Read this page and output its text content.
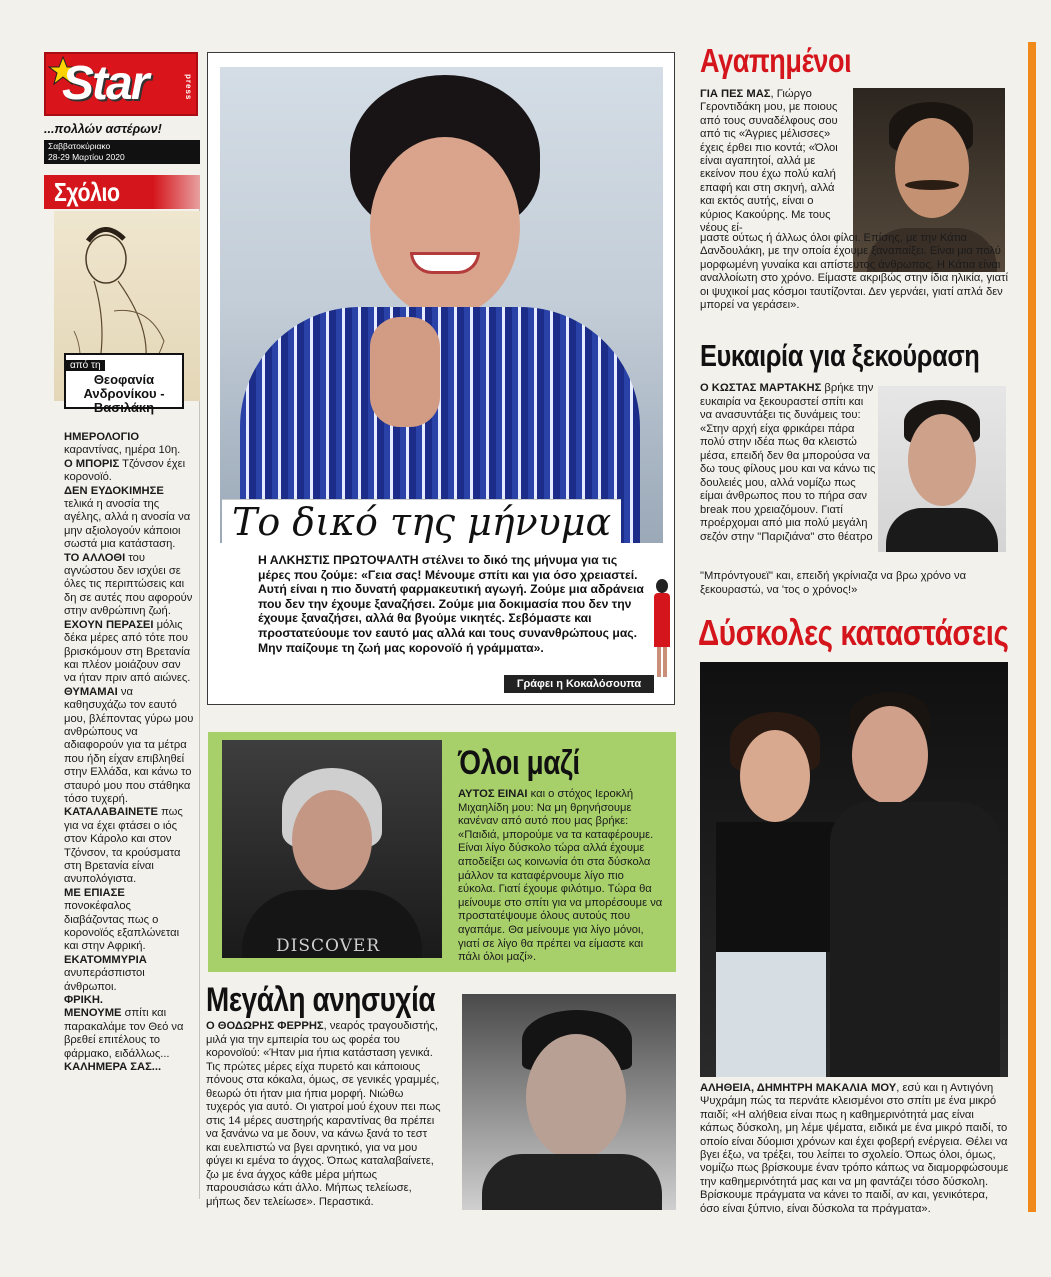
Star	press
...πολλών αστέρων!
Σαββατοκύριακο
28-29 Μαρτίου 2020
Σχόλιο
από τη
Θεοφανία Ανδρονίκου - Βασιλάκη
ΗΜΕΡΟΛΟΓΙΟ καραντίνας, ημέρα 10η.
Ο ΜΠΟΡΙΣ Τζόνσον έχει κορονοϊό.
ΔΕΝ ΕΥΔΟΚΙΜΗΣΕ τελικά η ανοσία της αγέλης, αλλά η ανοσία να μην αξιολογούν κάποιοι σωστά μια κατάσταση.
ΤΟ ΑΛΛΟΘΙ του αγνώστου δεν ισχύει σε όλες τις περιπτώσεις και δη σε αυτές που αφορούν στην ανθρώπινη ζωή.
ΕΧΟΥΝ ΠΕΡΑΣΕΙ μόλις δέκα μέρες από τότε που βρισκόμουν στη Βρετανία και πλέον μοιάζουν σαν να ήταν πριν από αιώνες.
ΘΥΜΑΜΑΙ να καθησυχάζω τον εαυτό μου, βλέποντας γύρω μου ανθρώπους να αδιαφορούν για τα μέτρα που ήδη είχαν επιβληθεί στην Ελλάδα, και κάνω το σταυρό μου που στάθηκα τόσο τυχερή.
ΚΑΤΑΛΑΒΑΙΝΕΤΕ πως για να έχει φτάσει ο ιός στον Κάρολο και στον Τζόνσον, τα κρούσματα στη Βρετανία είναι ανυπολόγιστα.
ΜΕ ΕΠΙΑΣΕ πονοκέφαλος διαβάζοντας πως ο κορονοϊός εξαπλώνεται και στην Αφρική.
ΕΚΑΤΟΜΜΥΡΙΑ ανυπεράσπιστοι άνθρωποι.
ΦΡΙΚΗ.
ΜΕΝΟΥΜΕ σπίτι και παρακαλάμε τον Θεό να βρεθεί επιτέλους το φάρμακο, ειδάλλως...
ΚΑΛΗΜΕΡΑ ΣΑΣ...
Το δικό της μήνυμα
Η ΑΛΚΗΣΤΙΣ ΠΡΩΤΟΨΑΛΤΗ στέλνει το δικό της μήνυμα για τις μέρες που ζούμε: «Γεια σας! Μένουμε σπίτι και για όσο χρειαστεί. Αυτή είναι η πιο δυνατή φαρμακευτική αγωγή. Ζούμε μια αδράνεια που δεν την έχουμε ξαναζήσει. Ζούμε μια δοκιμασία που δεν την έχουμε ξαναζήσει, αλλά θα βγούμε νικητές. Σεβόμαστε και προστατεύουμε τον εαυτό μας αλλά και τους συνανθρώπους μας. Μην παίζουμε τη ζωή μας κορονοϊό ή γράμματα».
Γράφει η Κοκαλόσουπα
DISCOVER
Όλοι μαζί
ΑΥΤΟΣ ΕΙΝΑΙ και ο στόχος Ιεροκλή Μιχαηλίδη μου: Να μη θρηνήσουμε κανέναν από αυτό που μας βρήκε: «Παιδιά, μπορούμε να τα καταφέρουμε. Είναι λίγο δύσκολο τώρα αλλά έχουμε αποδείξει ως κοινωνία ότι στα δύσκολα μάλλον τα καταφέρνουμε λίγο πιο εύκολα. Γιατί έχουμε φιλότιμο. Τώρα θα μείνουμε στο σπίτι για να μπορέσουμε να προστατέψουμε όλους αυτούς που αγαπάμε. Θα μείνουμε για λίγο μόνοι, γιατί σε λίγο θα πρέπει να είμαστε και πάλι όλοι μαζί».
Μεγάλη ανησυχία
Ο ΘΟΔΩΡΗΣ ΦΕΡΡΗΣ, νεαρός τραγουδιστής, μιλά για την εμπειρία του ως φορέα του κορονοϊού: «Ήταν μια ήπια κατάσταση γενικά. Τις πρώτες μέρες είχα πυρετό και κάποιους πόνους στα κόκαλα, όμως, σε γενικές γραμμές, θεωρώ ότι ήταν μια ήπια μορφή. Νιώθω τυχερός για αυτό. Οι γιατροί μού έχουν πει πως στις 14 μέρες αυστηρής καραντίνας θα πρέπει να ξανάνω να με δουν, να κάνω ξανά το τεστ και ευελπιστώ να βγει αρνητικό, για να μου φύγει κι εμένα το άγχος. Όπως καταλαβαίνετε, ζω με ένα άγχος κάθε μέρα μήπως παρουσιάσω κάτι άλλο. Μήπως τελείωσε, μήπως δεν τελείωσε». Περαστικά.
Αγαπημένοι
ΓΙΑ ΠΕΣ ΜΑΣ, Γιώργο Γεροντιδάκη μου, με ποιους από τους συναδέλφους σου από τις «Άγριες μέλισσες» έχεις έρθει πιο κοντά; «Όλοι είναι αγαπητοί, αλλά με εκείνον που έχω πολύ καλή επαφή και στη σκηνή, αλλά και εκτός αυτής, είναι ο κύριος Κακούρης. Με τους νέους εί-
μαστε ούτως ή άλλως όλοι φίλοι. Επίσης, με την Κάτια Δανδουλάκη, με την οποία έχουμε ξαναπαίξει. Είναι μια πολύ μορφωμένη γυναίκα και απίστευτος άνθρωπος. Η Κάτια είναι αναλλοίωτη στο χρόνο. Είμαστε ακριβώς στην ίδια ηλικία, γιατί οι ψυχικοί μας κόσμοι ταυτίζονται. Δεν γερνάει, γιατί απλά δεν μπορεί να γεράσει».
Ευκαιρία για ξεκούραση
Ο ΚΩΣΤΑΣ ΜΑΡΤΑΚΗΣ βρήκε την ευκαιρία να ξεκουραστεί σπίτι και να ανασυντάξει τις δυνάμεις του: «Στην αρχή είχα φρικάρει πάρα πολύ στην ιδέα πως θα κλειστώ μέσα, επειδή δεν θα μπορούσα να δω τους φίλους μου και να κάνω τις δουλειές μου, αλλά νομίζω πως είμαι άνθρωπος που το πήρα σαν break που χρειαζόμουν. Γιατί προέρχομαι από μια πολύ μεγάλη σεζόν στην "Παριζιάνα" στο θέατρο
"Μπρόντγουεϊ" και, επειδή γκρίνιαζα να βρω χρόνο να ξεκουραστώ, να 'τος ο χρόνος!»
Δύσκολες καταστάσεις
ΑΛΗΘΕΙΑ, ΔΗΜΗΤΡΗ ΜΑΚΑΛΙΑ ΜΟΥ, εσύ και η Αντιγόνη Ψυχράμη πώς τα περνάτε κλεισμένοι στο σπίτι με ένα μικρό παιδί; «Η αλήθεια είναι πως η καθημερινότητά μας είναι κάπως δύσκολη, μη λέμε ψέματα, ειδικά με ένα μικρό παιδί, το οποίο είναι δύομισι χρόνων και έχει φοβερή ενέργεια. Θέλει να βγει έξω, να τρέξει, του λείπει το σχολείο. Όπως όλοι, όμως, νομίζω πως βρίσκουμε έναν τρόπο κάπως να διαμορφώσουμε την καθημερινότητά μας και να μη φαντάζει τόσο δύσκολη. Βρίσκουμε πράγματα να κάνει το παιδί, αν και, γενικότερα, όσο είναι ξύπνιο, είναι δύσκολα τα πράγματα».
